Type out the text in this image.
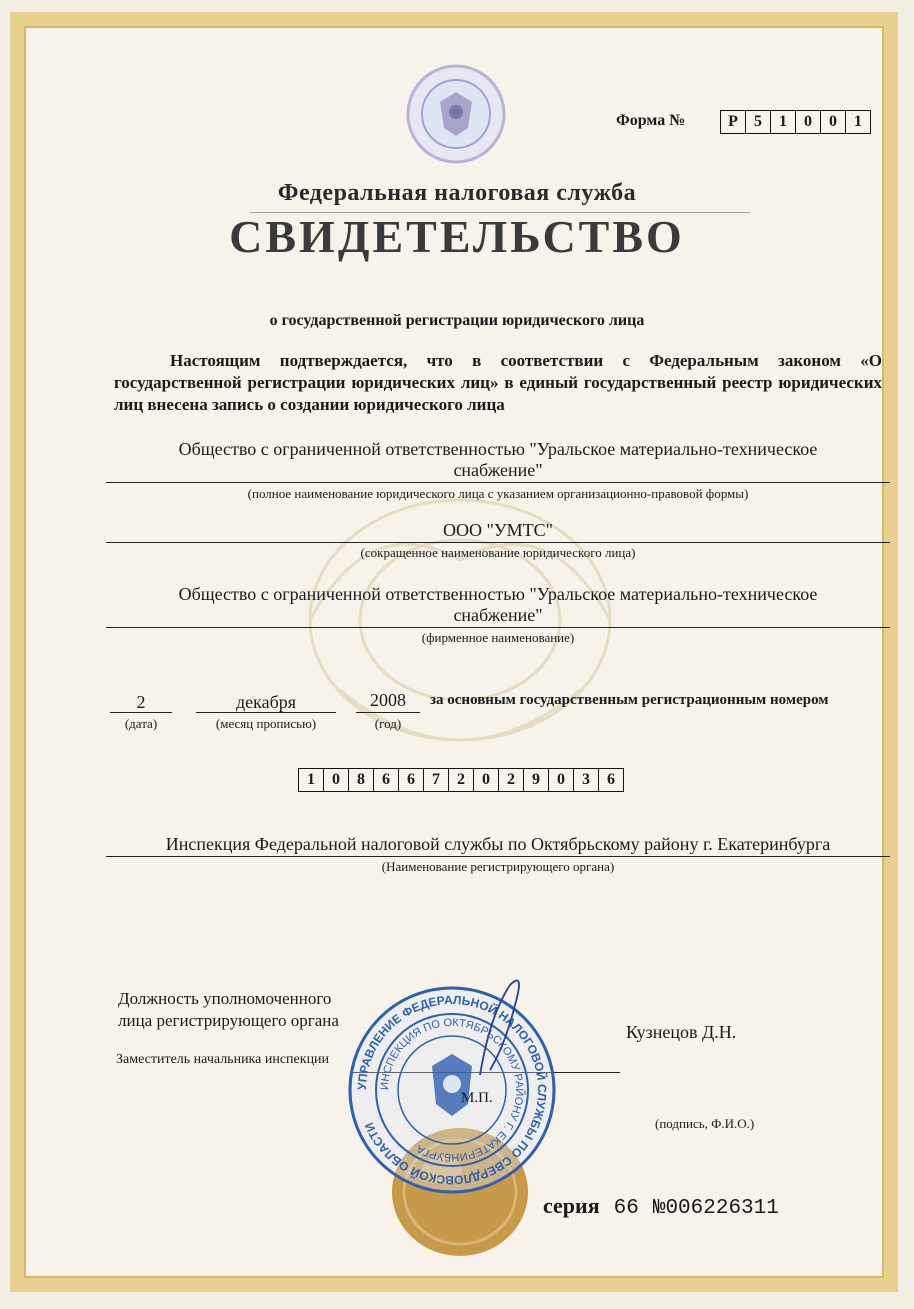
Форма №	Р	5	1	0	0	1
Федеральная налоговая служба
СВИДЕТЕЛЬСТВО
о государственной регистрации юридического лица
Настоящим подтверждается, что в соответствии с Федеральным законом «О государственной регистрации юридических лиц» в единый государственный реестр юридических лиц внесена запись о создании юридического лица
Общество с ограниченной ответственностью "Уральское материально-техническое
снабжение"
(полное наименование юридического лица с указанием организационно-правовой формы)
ООО "УМТС"
(сокращенное наименование юридического лица)
Общество с ограниченной ответственностью "Уральское материально-техническое
снабжение"
(фирменное наименование)
2
(дата)
декабря
(месяц прописью)
2008
(год)
за основным государственным регистрационным номером
1	0	8	6	6	7	2	0	2	9	0	3	6
Инспекция Федеральной налоговой службы по Октябрьскому району г. Екатеринбурга
(Наименование регистрирующего органа)
Должность уполномоченного
лица регистрирующего органа
Заместитель начальника инспекции
УПРАВЛЕНИЕ ФЕДЕРАЛЬНОЙ НАЛОГОВОЙ СЛУЖБЫ ПО СВЕРДЛОВСКОЙ ОБЛАСТИ
ИНСПЕКЦИЯ ПО ОКТЯБРЬСКОМУ РАЙОНУ Г. ЕКАТЕРИНБУРГА
М.П.
Кузнецов Д.Н.
(подпись, Ф.И.О.)
серия 66 №006226311
